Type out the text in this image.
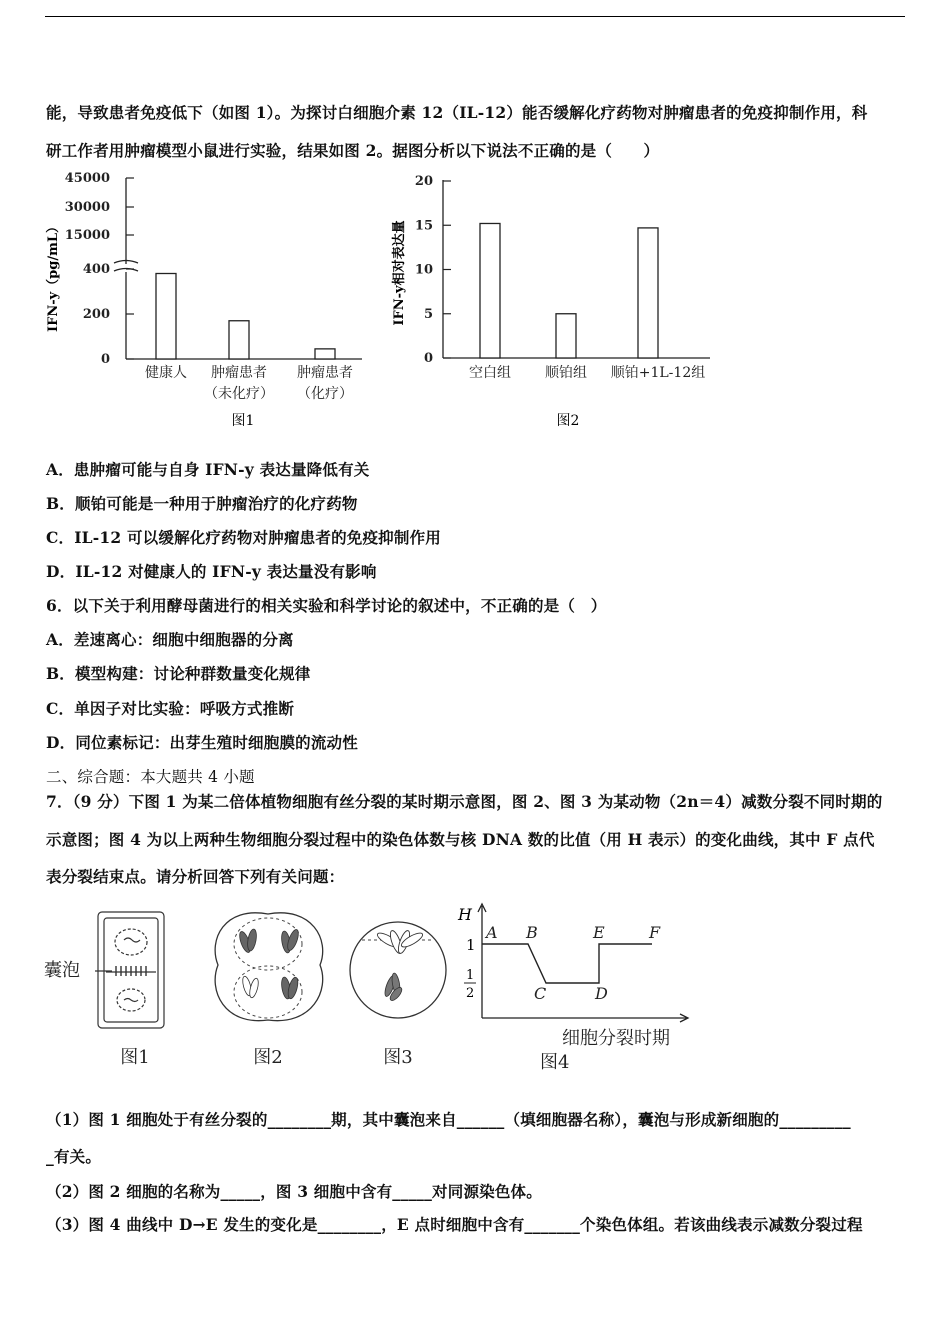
能，导致患者免疫低下（如图 1）。为探讨白细胞介素 12（IL-12）能否缓解化疗药物对肿瘤患者的免疫抑制作用，科
研工作者用肿瘤模型小鼠进行实验，结果如图 2。据图分析以下说法不正确的是（　　）
0
200
400
15000
30000
45000
健康人 肿瘤患者
（未化疗）
肿瘤患者
（化疗）
IFN-y（pg/mL）
图1
0
5
10
15
20
空白组 顺铂组 顺铂+1L-12组
IFN-y相对表达量
图2
A．患肿瘤可能与自身 IFN-y 表达量降低有关
B．顺铂可能是一种用于肿瘤治疗的化疗药物
C．IL-12 可以缓解化疗药物对肿瘤患者的免疫抑制作用
D．IL-12 对健康人的 IFN-y 表达量没有影响
6．以下关于利用酵母菌进行的相关实验和科学讨论的叙述中，不正确的是（　）
A．差速离心：细胞中细胞器的分离
B．模型构建：讨论种群数量变化规律
C．单因子对比实验：呼吸方式推断
D．同位素标记：出芽生殖时细胞膜的流动性
二、综合题：本大题共 4 小题
7．（9 分）下图 1 为某二倍体植物细胞有丝分裂的某时期示意图，图 2、图 3 为某动物（2n＝4）减数分裂不同时期的
示意图；图 4 为以上两种生物细胞分裂过程中的染色体数与核 DNA 数的比值（用 H 表示）的变化曲线，其中 F 点代
表分裂结束点。请分析回答下列有关问题：
囊泡
图1	图2	图3
H
1
1
2
A B
C	D
E	F
细胞分裂时期
图4
（1）图 1 细胞处于有丝分裂的________期，其中囊泡来自______（填细胞器名称），囊泡与形成新细胞的_________
_有关。
（2）图 2 细胞的名称为_____，图 3 细胞中含有_____对同源染色体。
（3）图 4 曲线中 D→E 发生的变化是________，E 点时细胞中含有_______个染色体组。若该曲线表示减数分裂过程
